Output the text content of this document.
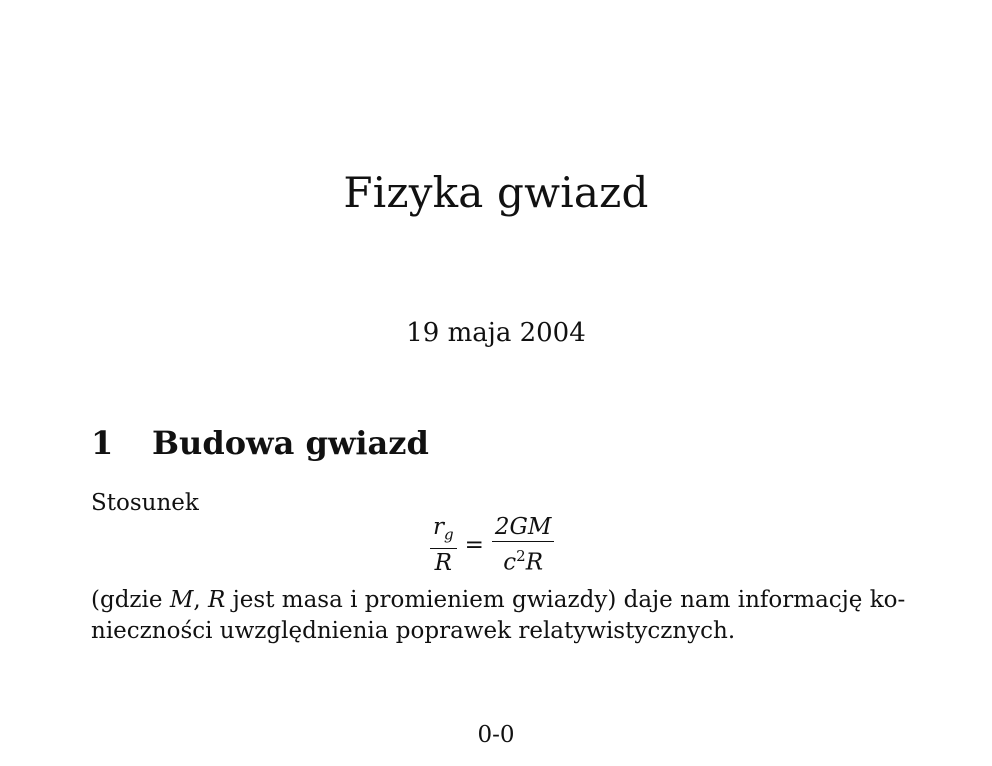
Fizyka gwiazd
19 maja 2004
1 Budowa gwiazd
Stosunek
$\frac{r_g}{R} = \frac{2GM}{c^2R}$
(gdzie M, R jest masa i promieniem gwiazdy) daje nam informację ko-
nieczności uwzględnienia poprawek relatywistycznych.
0-0
